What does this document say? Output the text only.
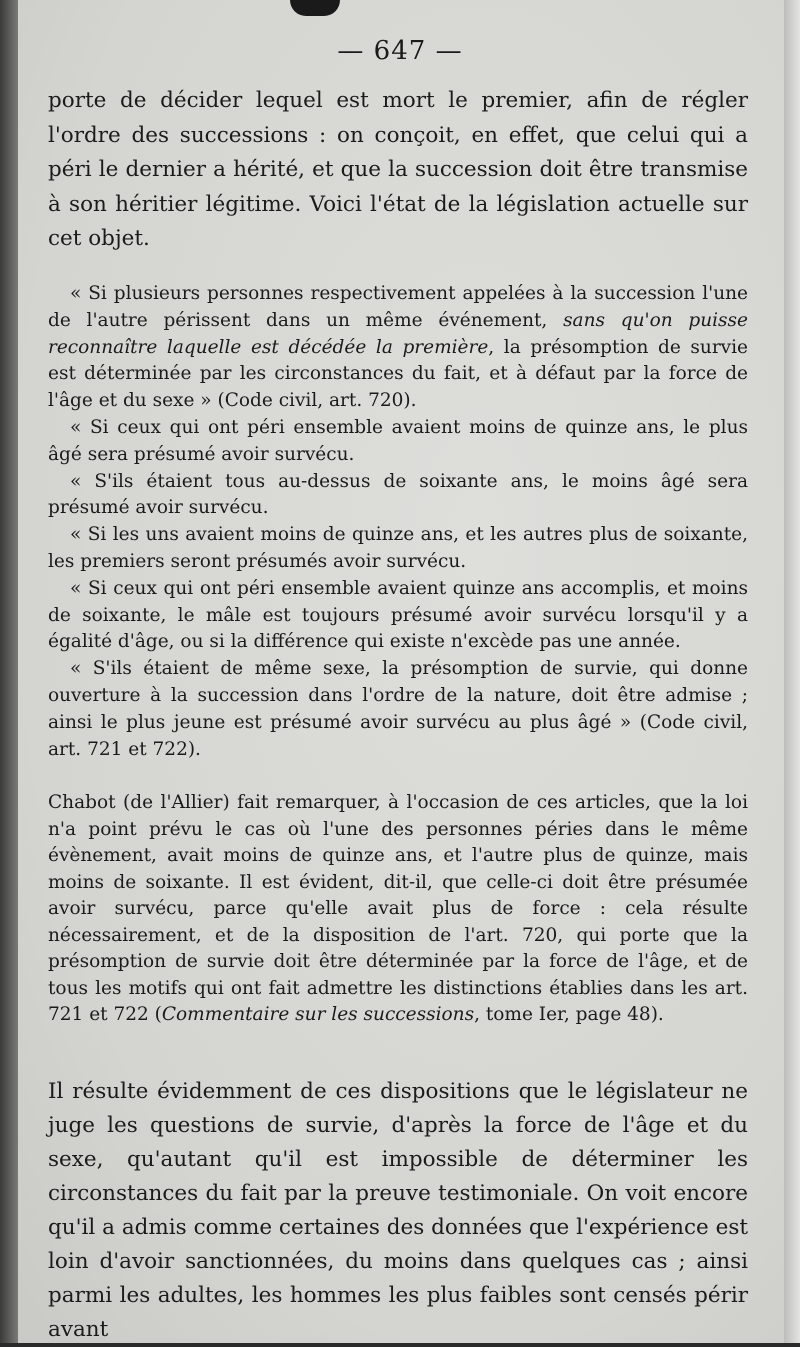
— 647 —

porte de décider lequel est mort le premier, afin de régler l'ordre des successions : on conçoit, en effet, que celui qui a péri le dernier a hérité, et que la succession doit être transmise à son héritier légitime. Voici l'état de la législation actuelle sur cet objet.

« Si plusieurs personnes respectivement appelées à la succession l'une de l'autre périssent dans un même événement, sans qu'on puisse reconnaître laquelle est décédée la première, la présomption de survie est déterminée par les circonstances du fait, et à défaut par la force de l'âge et du sexe » (Code civil, art. 720).

« Si ceux qui ont péri ensemble avaient moins de quinze ans, le plus âgé sera présumé avoir survécu.

« S'ils étaient tous au-dessus de soixante ans, le moins âgé sera présumé avoir survécu.

« Si les uns avaient moins de quinze ans, et les autres plus de soixante, les premiers seront présumés avoir survécu.

« Si ceux qui ont péri ensemble avaient quinze ans accomplis, et moins de soixante, le mâle est toujours présumé avoir survécu lorsqu'il y a égalité d'âge, ou si la différence qui existe n'excède pas une année.

« S'ils étaient de même sexe, la présomption de survie, qui donne ouverture à la succession dans l'ordre de la nature, doit être admise ; ainsi le plus jeune est présumé avoir survécu au plus âgé » (Code civil, art. 721 et 722).

Chabot (de l'Allier) fait remarquer, à l'occasion de ces articles, que la loi n'a point prévu le cas où l'une des personnes péries dans le même évènement, avait moins de quinze ans, et l'autre plus de quinze, mais moins de soixante. Il est évident, dit-il, que celle-ci doit être présumée avoir survécu, parce qu'elle avait plus de force : cela résulte nécessairement, et de la disposition de l'art. 720, qui porte que la présomption de survie doit être déterminée par la force de l'âge, et de tous les motifs qui ont fait admettre les distinctions établies dans les art. 721 et 722 (Commentaire sur les successions, tome Ier, page 48).

Il résulte évidemment de ces dispositions que le législateur ne juge les questions de survie, d'après la force de l'âge et du sexe, qu'autant qu'il est impossible de déterminer les circonstances du fait par la preuve testimoniale. On voit encore qu'il a admis comme certaines des données que l'expérience est loin d'avoir sanctionnées, du moins dans quelques cas ; ainsi parmi les adultes, les hommes les plus faibles sont censés périr avant
